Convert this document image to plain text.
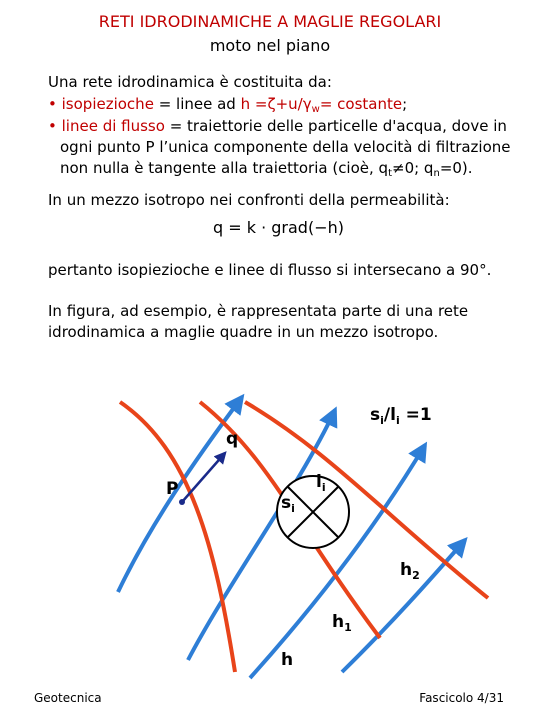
RETI IDRODINAMICHE A MAGLIE REGOLARI
moto nel piano
Una rete idrodinamica è costituita da:
• isopiezioche = linee ad $h =\zeta+u/\gamma_w=$ costante;
• linee di flusso = traiettorie delle particelle d'acqua, dove in
ogni punto P l’unica componente della velocità di filtrazione
non nulla è tangente alla traiettoria (cioè, $q_t\ne 0$; $q_n=0$).
In un mezzo isotropo nei confronti della permeabilità:
q = k · grad(−h)
pertanto isopiezioche e linee di flusso si intersecano a 90°.
In figura, ad esempio, è rappresentata parte di una rete
idrodinamica a maglie quadre in un mezzo isotropo.
$s_i/l_i =1$
q
P
$s_i$
$l_i$
$h_2$
$h_1$
h
Geotecnica	Fascicolo 4/31
